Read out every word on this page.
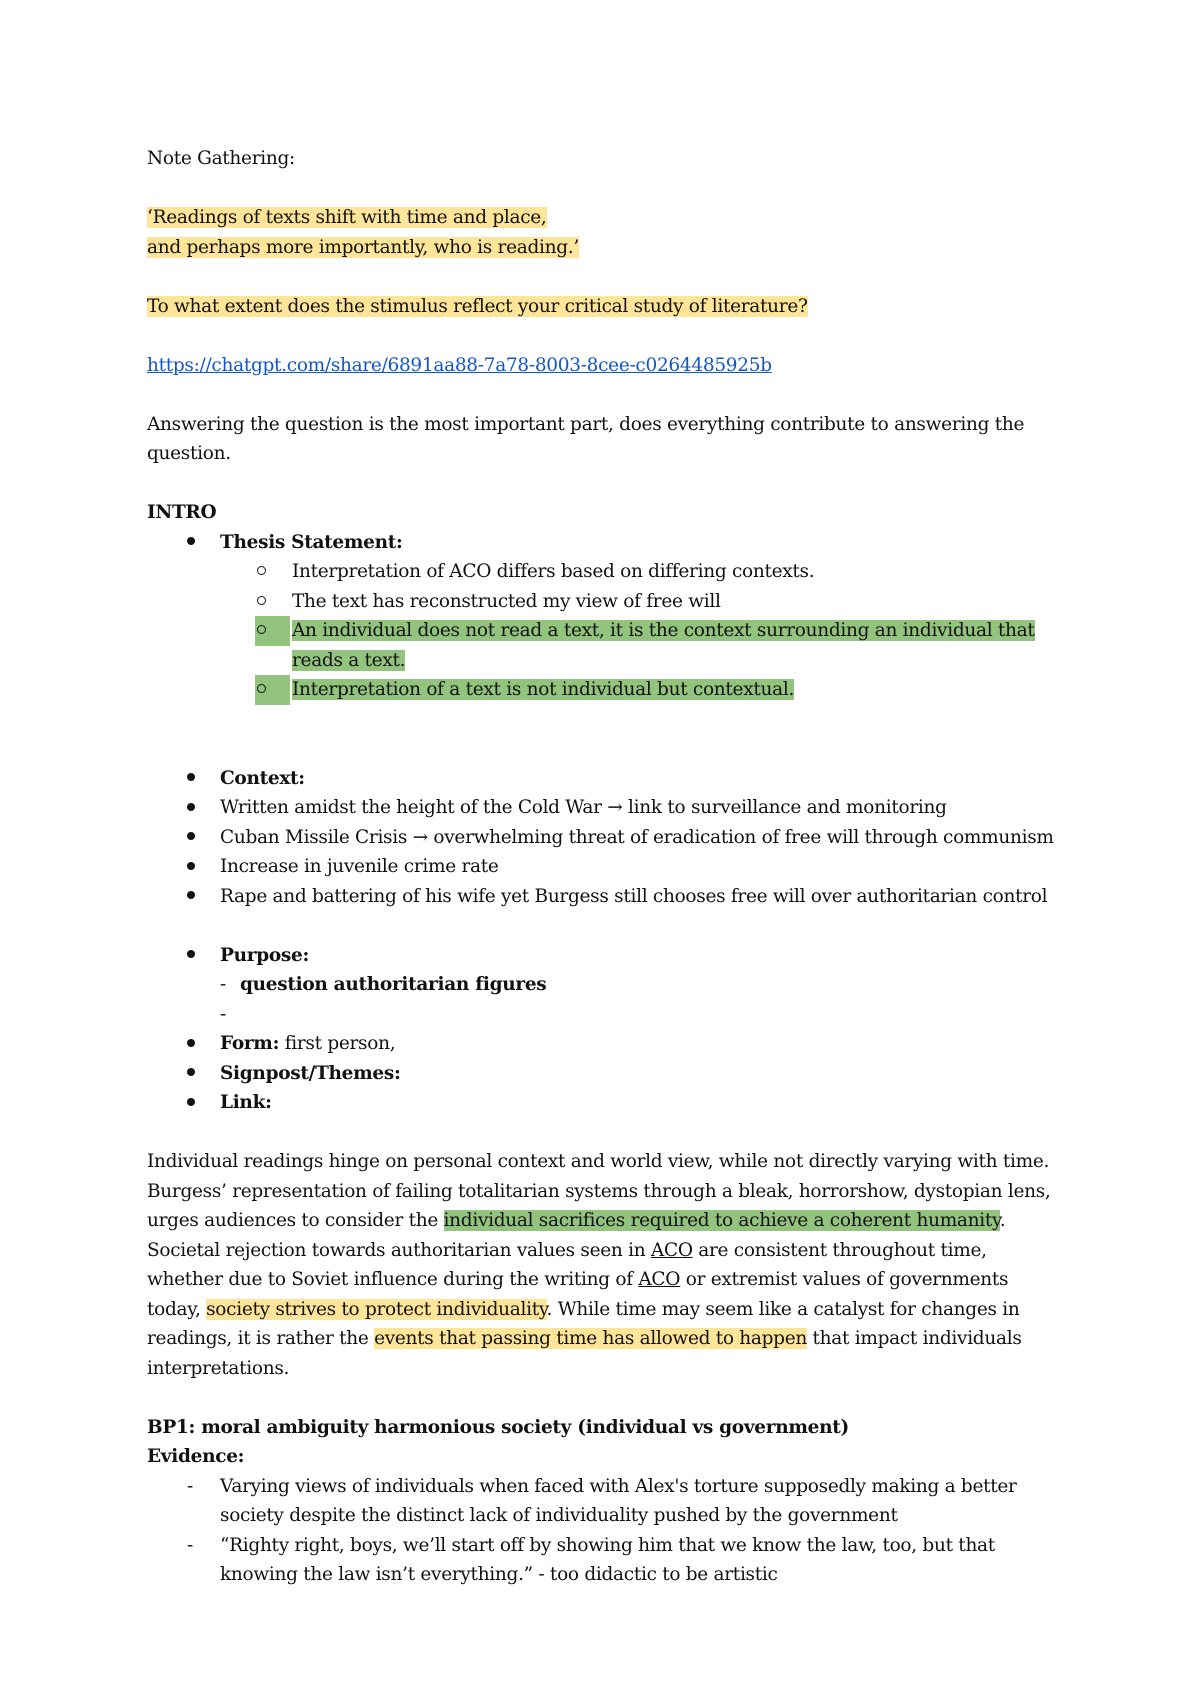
Note Gathering:

‘Readings of texts shift with time and place,
and perhaps more importantly, who is reading.’

To what extent does the stimulus reflect your critical study of literature?

https://chatgpt.com/share/6891aa88-7a78-8003-8cee-c0264485925b

Answering the question is the most important part, does everything contribute to answering the question.

INTRO

Thesis Statement:
Interpretation of ACO differs based on differing contexts.
The text has reconstructed my view of free will
An individual does not read a text, it is the context surrounding an individual that
reads a text.
Interpretation of a text is not individual but contextual.
Context:
Written amidst the height of the Cold War → link to surveillance and monitoring
Cuban Missile Crisis → overwhelming threat of eradication of free will through communism
Increase in juvenile crime rate
Rape and battering of his wife yet Burgess still chooses free will over authoritarian control
Purpose:
- question authoritarian figures
-

Form: first person,
Signpost/Themes:
Link:

Individual readings hinge on personal context and world view, while not directly varying with time. Burgess’ representation of failing totalitarian systems through a bleak, horrorshow, dystopian lens, urges audiences to consider the individual sacrifices required to achieve a coherent humanity. Societal rejection towards authoritarian values seen in ACO are consistent throughout time, whether due to Soviet influence during the writing of ACO or extremist values of governments today, society strives to protect individuality. While time may seem like a catalyst for changes in readings, it is rather the events that passing time has allowed to happen that impact individuals interpretations.

BP1: moral ambiguity harmonious society (individual vs government)

Evidence:

- Varying views of individuals when faced with Alex's torture supposedly making a better society despite the distinct lack of individuality pushed by the government
- “Righty right, boys, we’ll start off by showing him that we know the law, too, but that knowing the law isn’t everything.” - too didactic to be artistic
